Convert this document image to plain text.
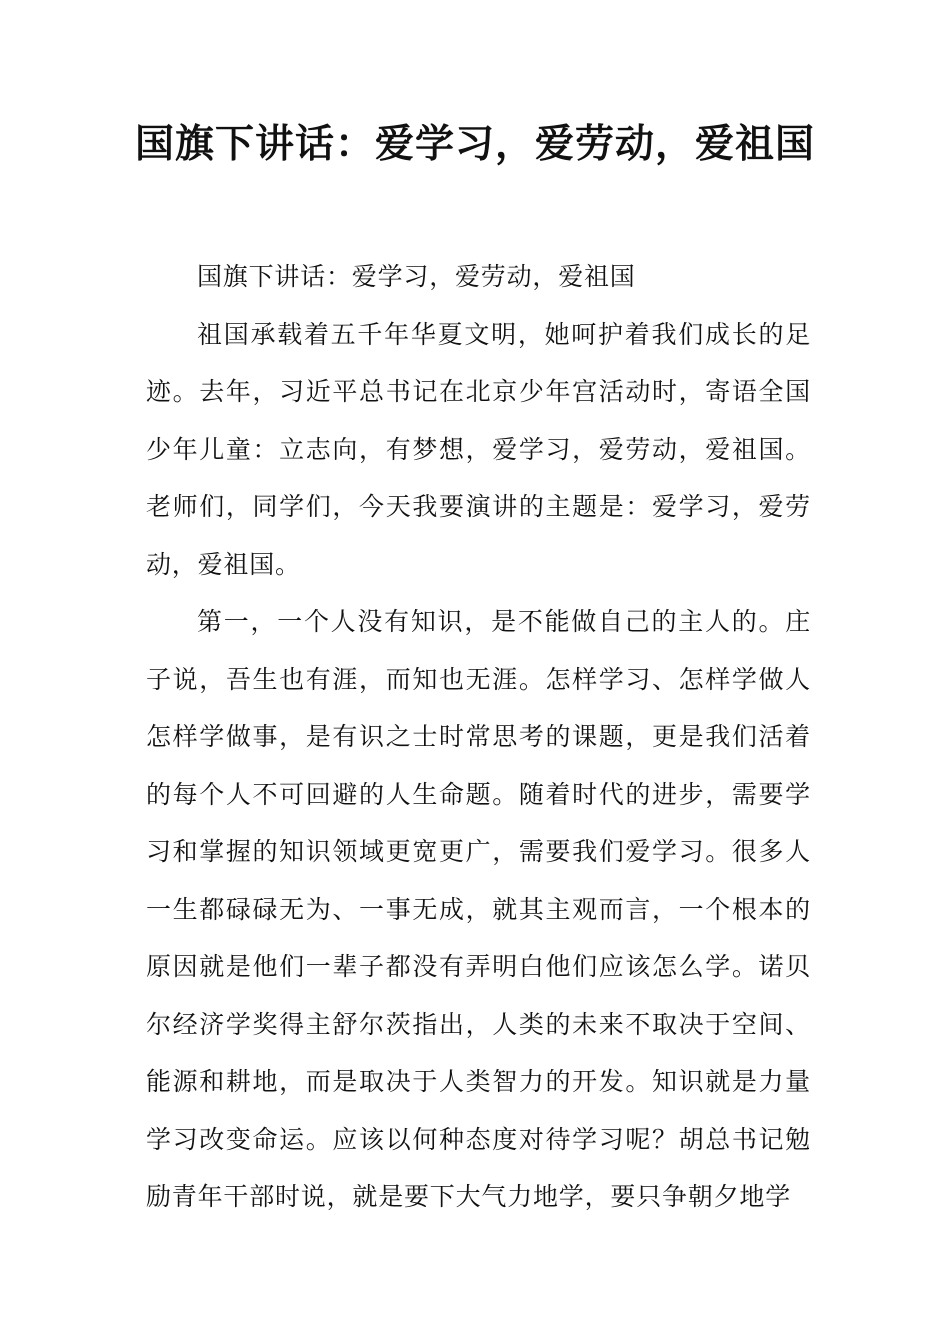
国旗下讲话：爱学习，爱劳动，爱祖国

国旗下讲话：爱学习，爱劳动，爱祖国

祖国承载着五千年华夏文明，她呵护着我们成长的足迹。去年，习近平总书记在北京少年宫活动时，寄语全国少年儿童：立志向，有梦想，爱学习，爱劳动，爱祖国。老师们，同学们，今天我要演讲的主题是：爱学习，爱劳动，爱祖国。

第一，一个人没有知识，是不能做自己的主人的。庄子说，吾生也有涯，而知也无涯。怎样学习、怎样学做人怎样学做事，是有识之士时常思考的课题，更是我们活着的每个人不可回避的人生命题。随着时代的进步，需要学习和掌握的知识领域更宽更广，需要我们爱学习。很多人一生都碌碌无为、一事无成，就其主观而言，一个根本的原因就是他们一辈子都没有弄明白他们应该怎么学。诺贝尔经济学奖得主舒尔茨指出，人类的未来不取决于空间、能源和耕地，而是取决于人类智力的开发。知识就是力量学习改变命运。应该以何种态度对待学习呢？胡总书记勉励青年干部时说，就是要下大气力地学，要只争朝夕地学
